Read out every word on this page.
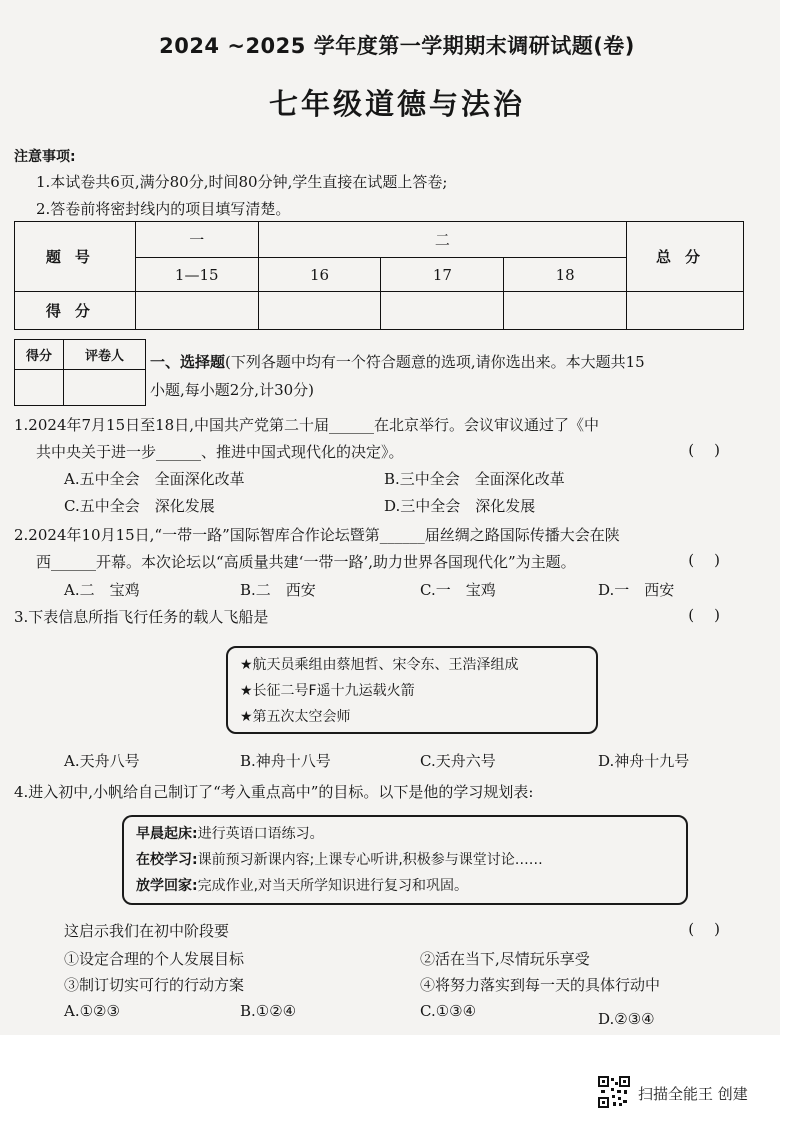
2024 ~2025 学年度第一学期期末调研试题(卷)
七年级道德与法治
注意事项:
1.本试卷共6页,满分80分,时间80分钟,学生直接在试题上答卷;
2.答卷前将密封线内的项目填写清楚。
题号	一	二			总分
	1—15	16	17	18	
得分					
得分	评卷人
	一、选择题(下列各题中均有一个符合题意的选项,请你选出来。本大题共15
小题,每小题2分,计30分)
1.2024年7月15日至18日,中国共产党第二十届______在北京举行。会议审议通过了《中
共中央关于进一步______、推进中国式现代化的决定》。	()
A.五中全会　全面深化改革	B.三中全会　全面深化改革
C.五中全会　深化发展	D.三中全会　深化发展
2.2024年10月15日,“一带一路”国际智库合作论坛暨第______届丝绸之路国际传播大会在陕
西______开幕。本次论坛以“高质量共建‘一带一路’,助力世界各国现代化”为主题。	()
A.二　宝鸡	B.二　西安	C.一　宝鸡	D.一　西安
3.下表信息所指飞行任务的载人飞船是	()
★航天员乘组由蔡旭哲、宋令东、王浩泽组成
★长征二号F遥十九运载火箭
★第五次太空会师
A.天舟八号	B.神舟十八号	C.天舟六号	D.神舟十九号
4.进入初中,小帆给自己制订了“考入重点高中”的目标。以下是他的学习规划表:
早晨起床:进行英语口语练习。
在校学习:课前预习新课内容;上课专心听讲,积极参与课堂讨论……
放学回家:完成作业,对当天所学知识进行复习和巩固。
这启示我们在初中阶段要	()
①设定合理的个人发展目标	②活在当下,尽情玩乐享受
③制订切实可行的行动方案	④将努力落实到每一天的具体行动中
A.①②③	B.①②④	C.①③④	D.②③④
扫描全能王 创建
